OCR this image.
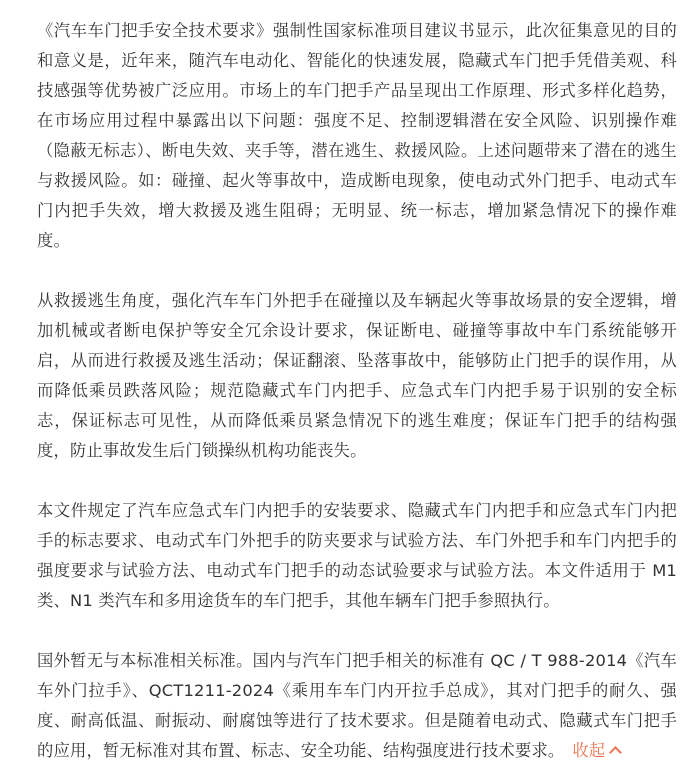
《汽车车门把手安全技术要求》强制性国家标准项目建议书显示，此次征集意见的目的和意义是，近年来，随汽车电动化、智能化的快速发展，隐藏式车门把手凭借美观、科技感强等优势被广泛应用。市场上的车门把手产品呈现出工作原理、形式多样化趋势，在市场应用过程中暴露出以下问题：强度不足、控制逻辑潜在安全风险、识别操作难（隐蔽无标志）、断电失效、夹手等，潜在逃生、救援风险。上述问题带来了潜在的逃生与救援风险。如：碰撞、起火等事故中，造成断电现象，使电动式外门把手、电动式车门内把手失效，增大救援及逃生阻碍；无明显、统一标志，增加紧急情况下的操作难度。

从救援逃生角度，强化汽车车门外把手在碰撞以及车辆起火等事故场景的安全逻辑，增加机械或者断电保护等安全冗余设计要求，保证断电、碰撞等事故中车门系统能够开启，从而进行救援及逃生活动；保证翻滚、坠落事故中，能够防止门把手的误作用，从而降低乘员跌落风险；规范隐藏式车门内把手、应急式车门内把手易于识别的安全标志，保证标志可见性，从而降低乘员紧急情况下的逃生难度；保证车门把手的结构强度，防止事故发生后门锁操纵机构功能丧失。

本文件规定了汽车应急式车门内把手的安装要求、隐藏式车门内把手和应急式车门内把手的标志要求、电动式车门外把手的防夹要求与试验方法、车门外把手和车门内把手的强度要求与试验方法、电动式车门把手的动态试验要求与试验方法。本文件适用于 M1 类、N1 类汽车和多用途货车的车门把手，其他车辆车门把手参照执行。

国外暂无与本标准相关标准。国内与汽车门把手相关的标准有 QC / T 988-2014《汽车车外门拉手》、QCT1211-2024《乘用车车门内开拉手总成》，其对门把手的耐久、强度、耐高低温、耐振动、耐腐蚀等进行了技术要求。但是随着电动式、隐藏式车门把手的应用，暂无标准对其布置、标志、安全功能、结构强度进行技术要求。 收起
